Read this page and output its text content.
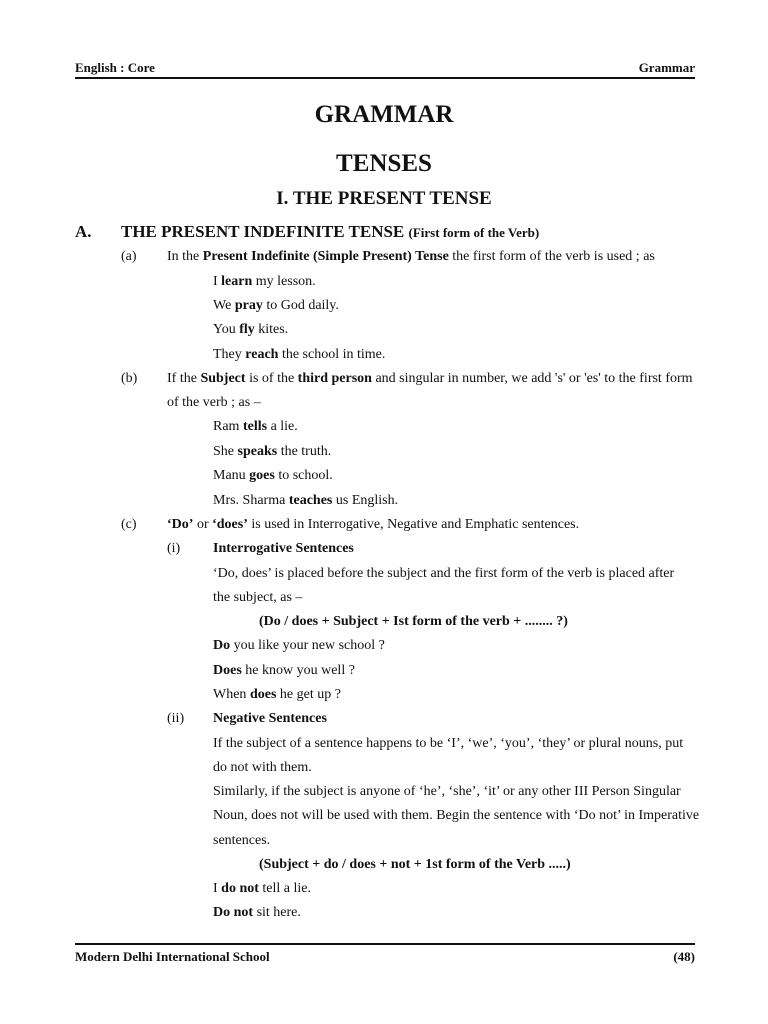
English : Core	Grammar
GRAMMAR
TENSES
I. THE PRESENT TENSE
A. THE PRESENT INDEFINITE TENSE (First form of the Verb)
(a) In the Present Indefinite (Simple Present) Tense the first form of the verb is used ; as
I learn my lesson.
We pray to God daily.
You fly kites.
They reach the school in time.
(b) If the Subject is of the third person and singular in number, we add 's' or 'es' to the first form
of the verb ; as –
Ram tells a lie.
She speaks the truth.
Manu goes to school.
Mrs. Sharma teaches us English.
(c) ‘Do’ or ‘does’ is used in Interrogative, Negative and Emphatic sentences.
(i) Interrogative Sentences
‘Do, does’ is placed before the subject and the first form of the verb is placed after
the subject, as –
(Do / does + Subject + Ist form of the verb + ........ ?)
Do you like your new school ?
Does he know you well ?
When does he get up ?
(ii) Negative Sentences
If the subject of a sentence happens to be ‘I’, ‘we’, ‘you’, ‘they’ or plural nouns, put
do not with them.
Similarly, if the subject is anyone of ‘he’, ‘she’, ‘it’ or any other III Person Singular
Noun, does not will be used with them. Begin the sentence with ‘Do not’ in Imperative
sentences.
(Subject + do / does + not + 1st form of the Verb .....)
I do not tell a lie.
Do not sit here.
Modern Delhi International School	(48)
